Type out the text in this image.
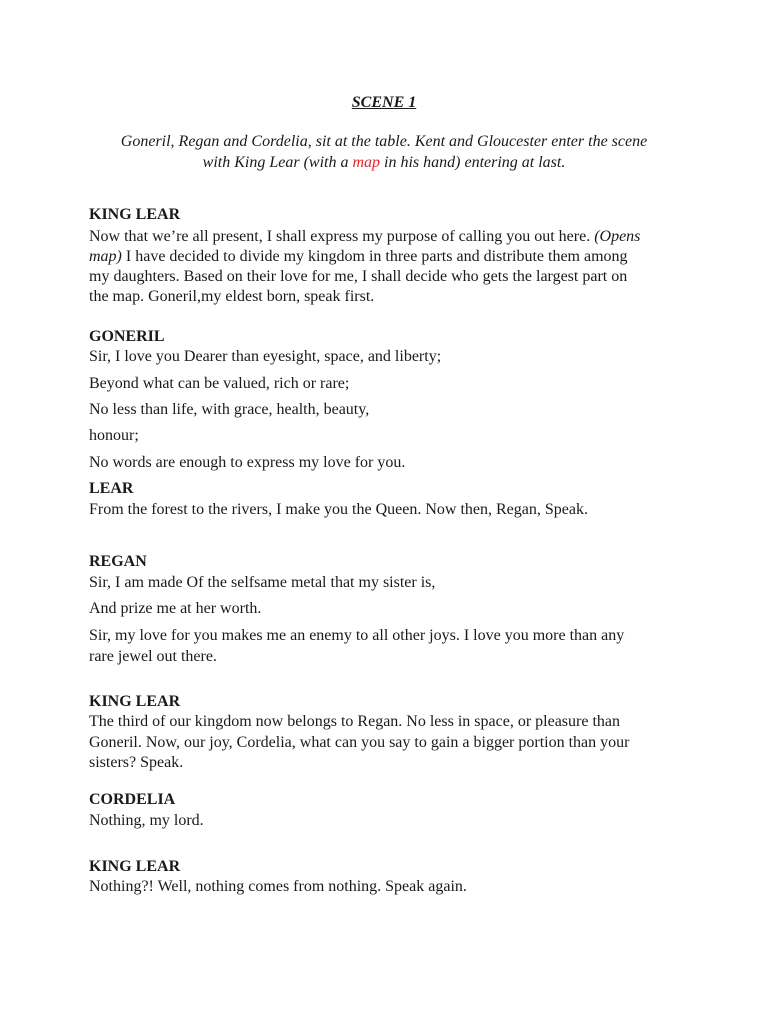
SCENE 1
Goneril, Regan and Cordelia, sit at the table. Kent and Gloucester enter the scene
with King Lear (with a map in his hand) entering at last.
KING LEAR
Now that we’re all present, I shall express my purpose of calling you out here. (Opens
map) I have decided to divide my kingdom in three parts and distribute them among
my daughters. Based on their love for me, I shall decide who gets the largest part on
the map. Goneril,my eldest born, speak first.
GONERIL
Sir, I love you Dearer than eyesight, space, and liberty;
Beyond what can be valued, rich or rare;
No less than life, with grace, health, beauty,
honour;
No words are enough to express my love for you.
LEAR
From the forest to the rivers, I make you the Queen. Now then, Regan, Speak.
REGAN
Sir, I am made Of the selfsame metal that my sister is,
And prize me at her worth.
Sir, my love for you makes me an enemy to all other joys. I love you more than any
rare jewel out there.
KING LEAR
The third of our kingdom now belongs to Regan. No less in space, or pleasure than
Goneril. Now, our joy, Cordelia, what can you say to gain a bigger portion than your
sisters? Speak.
CORDELIA
Nothing, my lord.
KING LEAR
Nothing?! Well, nothing comes from nothing. Speak again.
